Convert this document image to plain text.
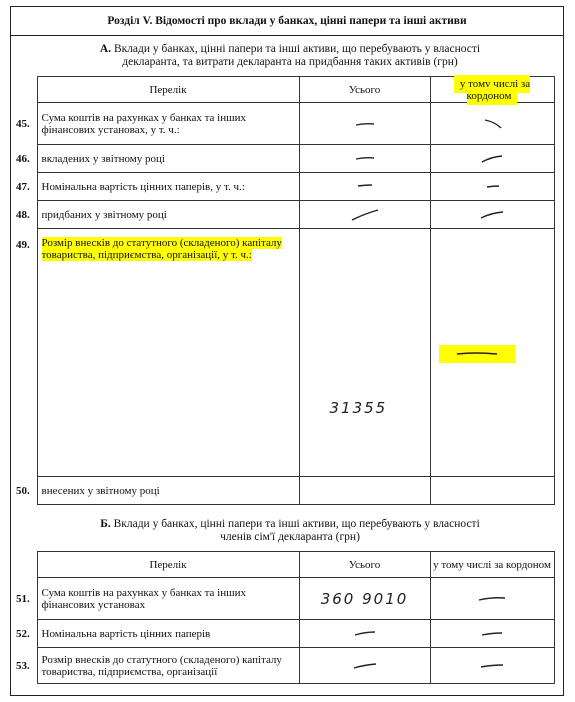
Розділ V. Відомості про вклади у банках, цінні папери та інші активи
А. Вклади у банках, цінні папери та інші активи, що перебувають у власності
декларанта, та витрати декларанта на придбання таких активів (грн)
	Перелік	Усього	у тому числі за кордоном
45.	Сума коштів на рахунках у банках та інших фінансових установах, у т. ч.:	

46.	вкладених у звітному році	

47.	Номінальна вартість цінних паперів, у т. ч.:	

48.	придбаних у звітному році	

49.	Розмір внесків до статутного (складеного) капіталу товариства, підприємства, організації, у т. ч.:	31355

50.	внесених у звітному році		
Б. Вклади у банках, цінні папери та інші активи, що перебувають у власності
членів сім'ї декларанта (грн)
	Перелік	Усього	у тому числі за кордоном
51.	Сума коштів на рахунках у банках та інших фінансових установах	360 9010	

52.	Номінальна вартість цінних паперів	

53.	Розмір внесків до статутного (складеного) капіталу товариства, підприємства, організації	
